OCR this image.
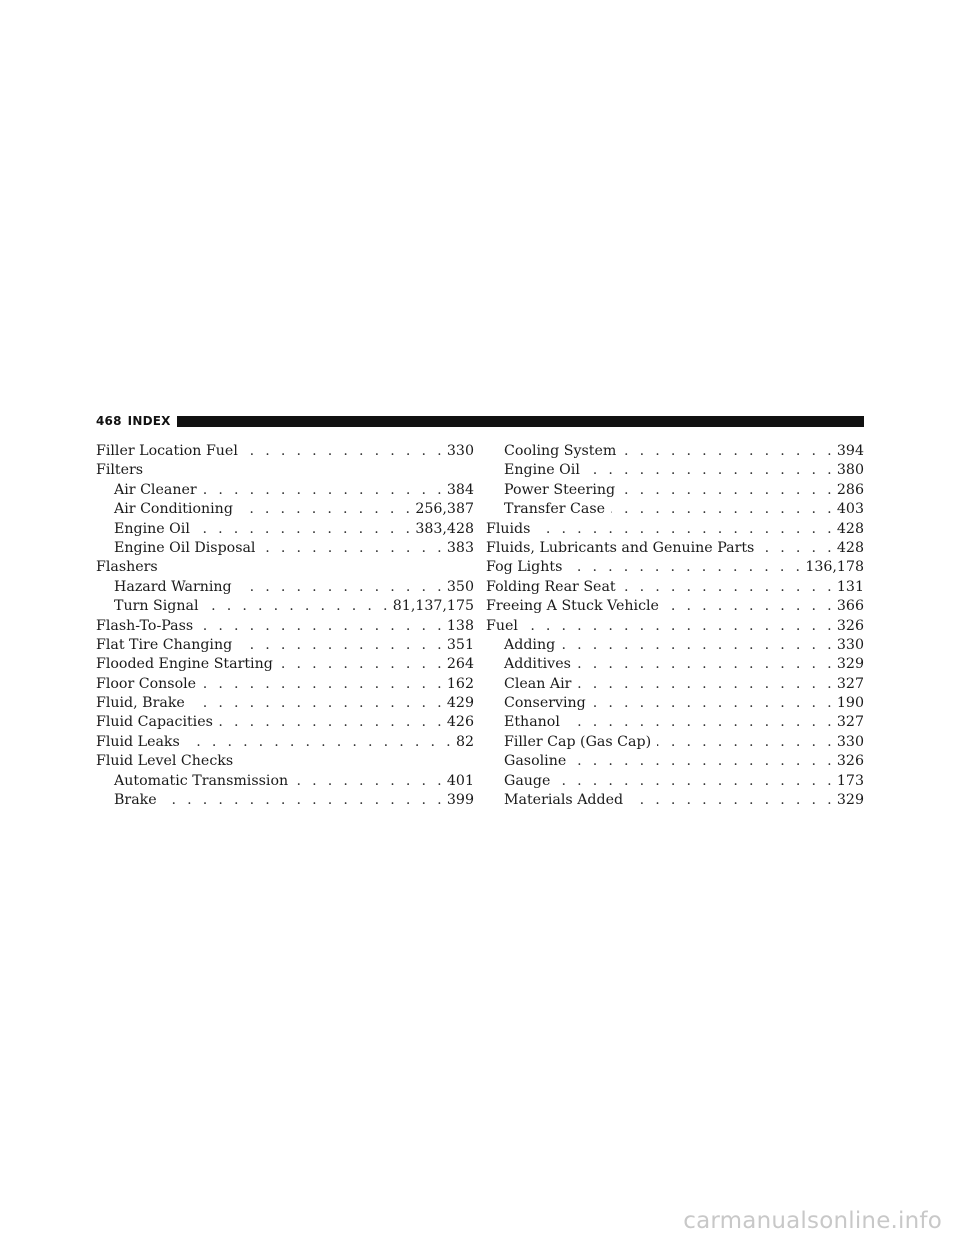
468 INDEX
Filler Location Fuel . . .	330
Filters
Air Cleaner . . .	384
Air Conditioning . . .	256,387
Engine Oil . . .	383,428
Engine Oil Disposal . . .	383
Flashers
Hazard Warning . . .	350
Turn Signal . . .	81,137,175
Flash-To-Pass . . .	138
Flat Tire Changing . . .	351
Flooded Engine Starting . . .	264
Floor Console . . .	162
Fluid, Brake . . .	429
Fluid Capacities . . .	426
Fluid Leaks . . .	82
Fluid Level Checks
Automatic Transmission . . .	401
Brake . . .	399
Cooling System . . .	394
Engine Oil . . .	380
Power Steering . . .	286
Transfer Case . . .	403
Fluids . . .	428
Fluids, Lubricants and Genuine Parts . . .	428
Fog Lights . . .	136,178
Folding Rear Seat . . .	131
Freeing A Stuck Vehicle . . .	366
Fuel . . .	326
Adding . . .	330
Additives . . .	329
Clean Air . . .	327
Conserving . . .	190
Ethanol . . .	327
Filler Cap (Gas Cap) . . .	330
Gasoline . . .	326
Gauge . . .	173
Materials Added . . .	329
carmanualsonline.info
